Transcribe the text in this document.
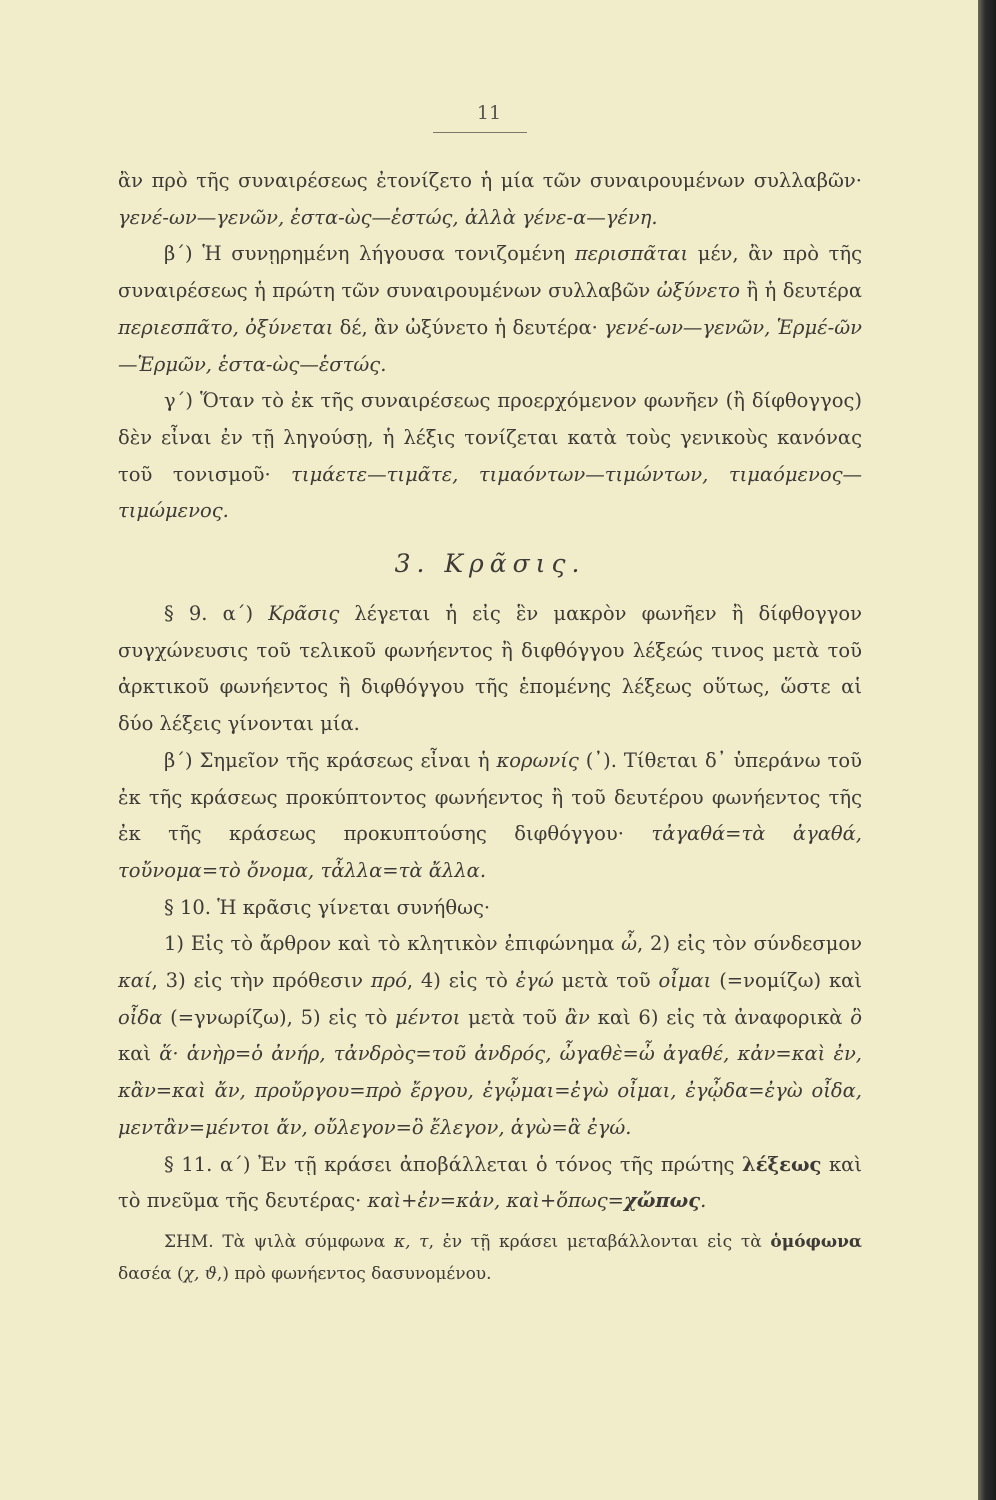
11

ἂν πρὸ τῆς συναιρέσεως ἐτονίζετο ἡ μία τῶν συναιρουμένων συλλαβῶν· γενέ-ων—γενῶν, ἑστα-ὼς—ἑστώς, ἀλλὰ γένε-α—γένη.

β΄) Ἡ συνῃρημένη λήγουσα τονιζομένη περισπᾶται μέν, ἂν πρὸ τῆς συναιρέσεως ἡ πρώτη τῶν συναιρουμένων συλλαβῶν ὠξύνετο ἢ ἡ δευτέρα περιεσπᾶτο, ὀξύνεται δέ, ἂν ὠξύνετο ἡ δευτέρα· γενέ-ων—γενῶν, Ἑρμέ-ῶν—Ἑρμῶν, ἑστα-ὼς—ἑστώς.

γ΄) Ὅταν τὸ ἐκ τῆς συναιρέσεως προερχόμενον φωνῆεν (ἢ δίφθογγος) δὲν εἶναι ἐν τῇ ληγούσῃ, ἡ λέξις τονίζεται κατὰ τοὺς γενικοὺς κανόνας τοῦ τονισμοῦ· τιμάετε—τιμᾶτε, τιμαόντων—τιμώντων, τιμαόμενος—τιμώμενος.

3. Κρᾶσις.

§ 9. α΄) Κρᾶσις λέγεται ἡ εἰς ἓν μακρὸν φωνῆεν ἢ δίφθογγον συγχώνευσις τοῦ τελικοῦ φωνήεντος ἢ διφθόγγου λέξεώς τινος μετὰ τοῦ ἀρκτικοῦ φωνήεντος ἢ διφθόγγου τῆς ἑπομένης λέξεως οὕτως, ὥστε αἱ δύο λέξεις γίνονται μία.

β΄) Σημεῖον τῆς κράσεως εἶναι ἡ κορωνίς (᾿). Τίθεται δ᾿ ὑπεράνω τοῦ ἐκ τῆς κράσεως προκύπτοντος φωνήεντος ἢ τοῦ δευτέρου φωνήεντος τῆς ἐκ τῆς κράσεως προκυπτούσης διφθόγγου· τἀγαθά=τὰ ἀγαθά, τοὔνομα=τὸ ὄνομα, τἆλλα=τὰ ἄλλα.

§ 10. Ἡ κρᾶσις γίνεται συνήθως·

1) Εἰς τὸ ἄρθρον καὶ τὸ κλητικὸν ἐπιφώνημα ὦ, 2) εἰς τὸν σύνδεσμον καί, 3) εἰς τὴν πρόθεσιν πρό, 4) εἰς τὸ ἐγώ μετὰ τοῦ οἶμαι (=νομίζω) καὶ οἶδα (=γνωρίζω), 5) εἰς τὸ μέντοι μετὰ τοῦ ἂν καὶ 6) εἰς τὰ ἀναφορικὰ ὃ καὶ ἅ· ἁνὴρ=ὁ ἀνήρ, τἀνδρὸς=τοῦ ἀνδρός, ὦγαθὲ=ὦ ἀγαθέ, κἀν=καὶ ἐν, κἂν=καὶ ἄν, προὔργου=πρὸ ἔργου, ἐγᾦμαι=ἐγὼ οἶμαι, ἐγᾦδα=ἐγὼ οἶδα, μεντἂν=μέντοι ἄν, οὔλεγον=ὃ ἔλεγον, ἁγὼ=ἃ ἐγώ.

§ 11. α΄) Ἐν τῇ κράσει ἀποβάλλεται ὁ τόνος τῆς πρώτης λέξεως καὶ τὸ πνεῦμα τῆς δευτέρας· καὶ+ἐν=κἀν, καὶ+ὅπως=χὤπως.

ΣΗΜ. Τὰ ψιλὰ σύμφωνα κ, τ, ἐν τῇ κράσει μεταβάλλονται εἰς τὰ ὁμόφωνα δασέα (χ, ϑ,) πρὸ φωνήεντος δασυνομένου.
